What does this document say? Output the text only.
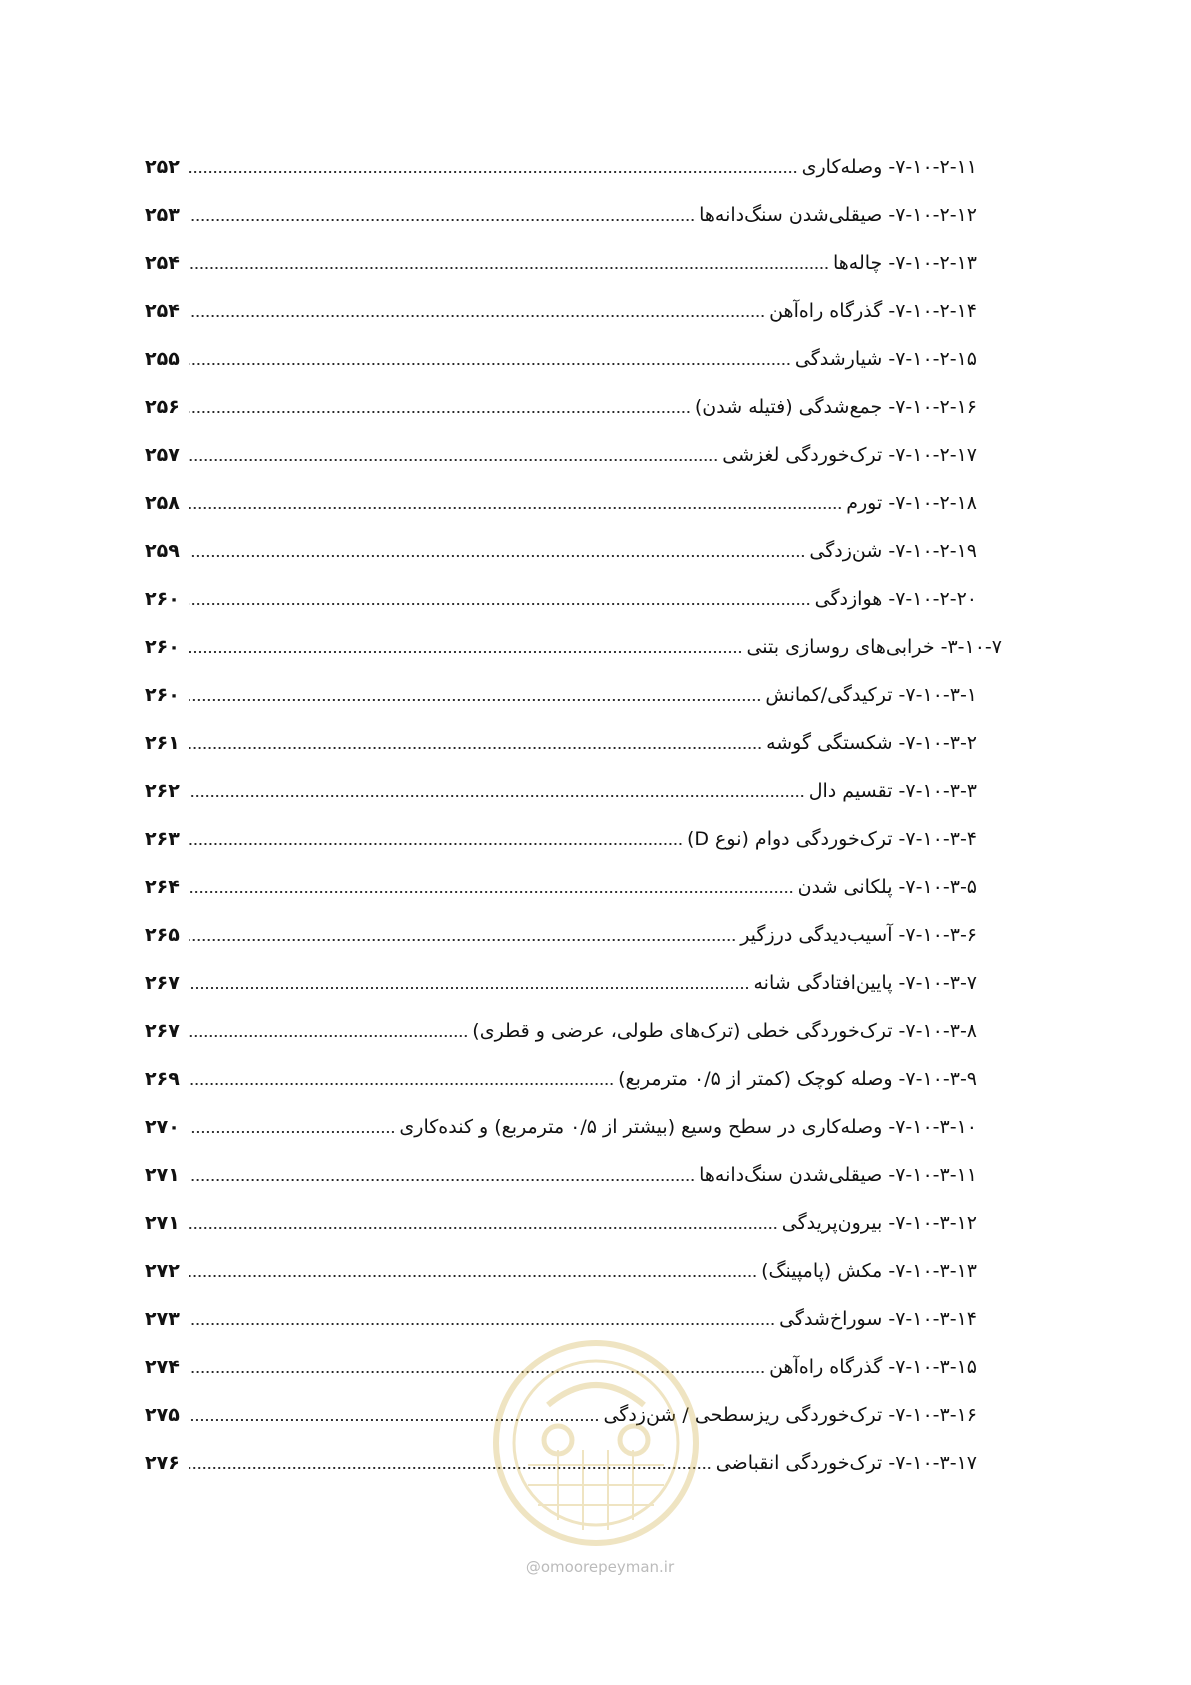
۷-۱۰-۲-۱۱- وصله‌کاری
۲۵۲
۷-۱۰-۲-۱۲- صیقلی‌شدن سنگ‌دانه‌ها
۲۵۳
۷-۱۰-۲-۱۳- چاله‌ها
۲۵۴
۷-۱۰-۲-۱۴- گذرگاه راه‌آهن
۲۵۴
۷-۱۰-۲-۱۵- شیارشدگی
۲۵۵
۷-۱۰-۲-۱۶- جمع‌شدگی (فتیله شدن)
۲۵۶
۷-۱۰-۲-۱۷- ترک‌خوردگی لغزشی
۲۵۷
۷-۱۰-۲-۱۸- تورم
۲۵۸
۷-۱۰-۲-۱۹- شن‌زدگی
۲۵۹
۷-۱۰-۲-۲۰- هوازدگی
۲۶۰
۳-۱۰-۷- خرابی‌های روسازی بتنی
۲۶۰
۷-۱۰-۳-۱- ترکیدگی/کمانش
۲۶۰
۷-۱۰-۳-۲- شکستگی گوشه
۲۶۱
۷-۱۰-۳-۳- تقسیم دال
۲۶۲
۷-۱۰-۳-۴- ترک‌خوردگی دوام (نوع D)
۲۶۳
۷-۱۰-۳-۵- پلکانی شدن
۲۶۴
۷-۱۰-۳-۶- آسیب‌دیدگی درزگیر
۲۶۵
۷-۱۰-۳-۷- پایین‌افتادگی شانه
۲۶۷
۷-۱۰-۳-۸- ترک‌خوردگی خطی (ترک‌های طولی، عرضی و قطری)
۲۶۷
۷-۱۰-۳-۹- وصله کوچک (کمتر از ۰/۵ مترمربع)
۲۶۹
۷-۱۰-۳-۱۰- وصله‌کاری در سطح وسیع (بیشتر از ۰/۵ مترمربع) و کنده‌کاری
۲۷۰
۷-۱۰-۳-۱۱- صیقلی‌شدن سنگ‌دانه‌ها
۲۷۱
۷-۱۰-۳-۱۲- بیرون‌پریدگی
۲۷۱
۷-۱۰-۳-۱۳- مکش (پامپینگ)
۲۷۲
۷-۱۰-۳-۱۴- سوراخ‌شدگی
۲۷۳
۷-۱۰-۳-۱۵- گذرگاه راه‌آهن
۲۷۴
۷-۱۰-۳-۱۶- ترک‌خوردگی ریزسطحی / شن‌زدگی
۲۷۵
۷-۱۰-۳-۱۷- ترک‌خوردگی انقباضی
۲۷۶
@omoorepeyman.ir
